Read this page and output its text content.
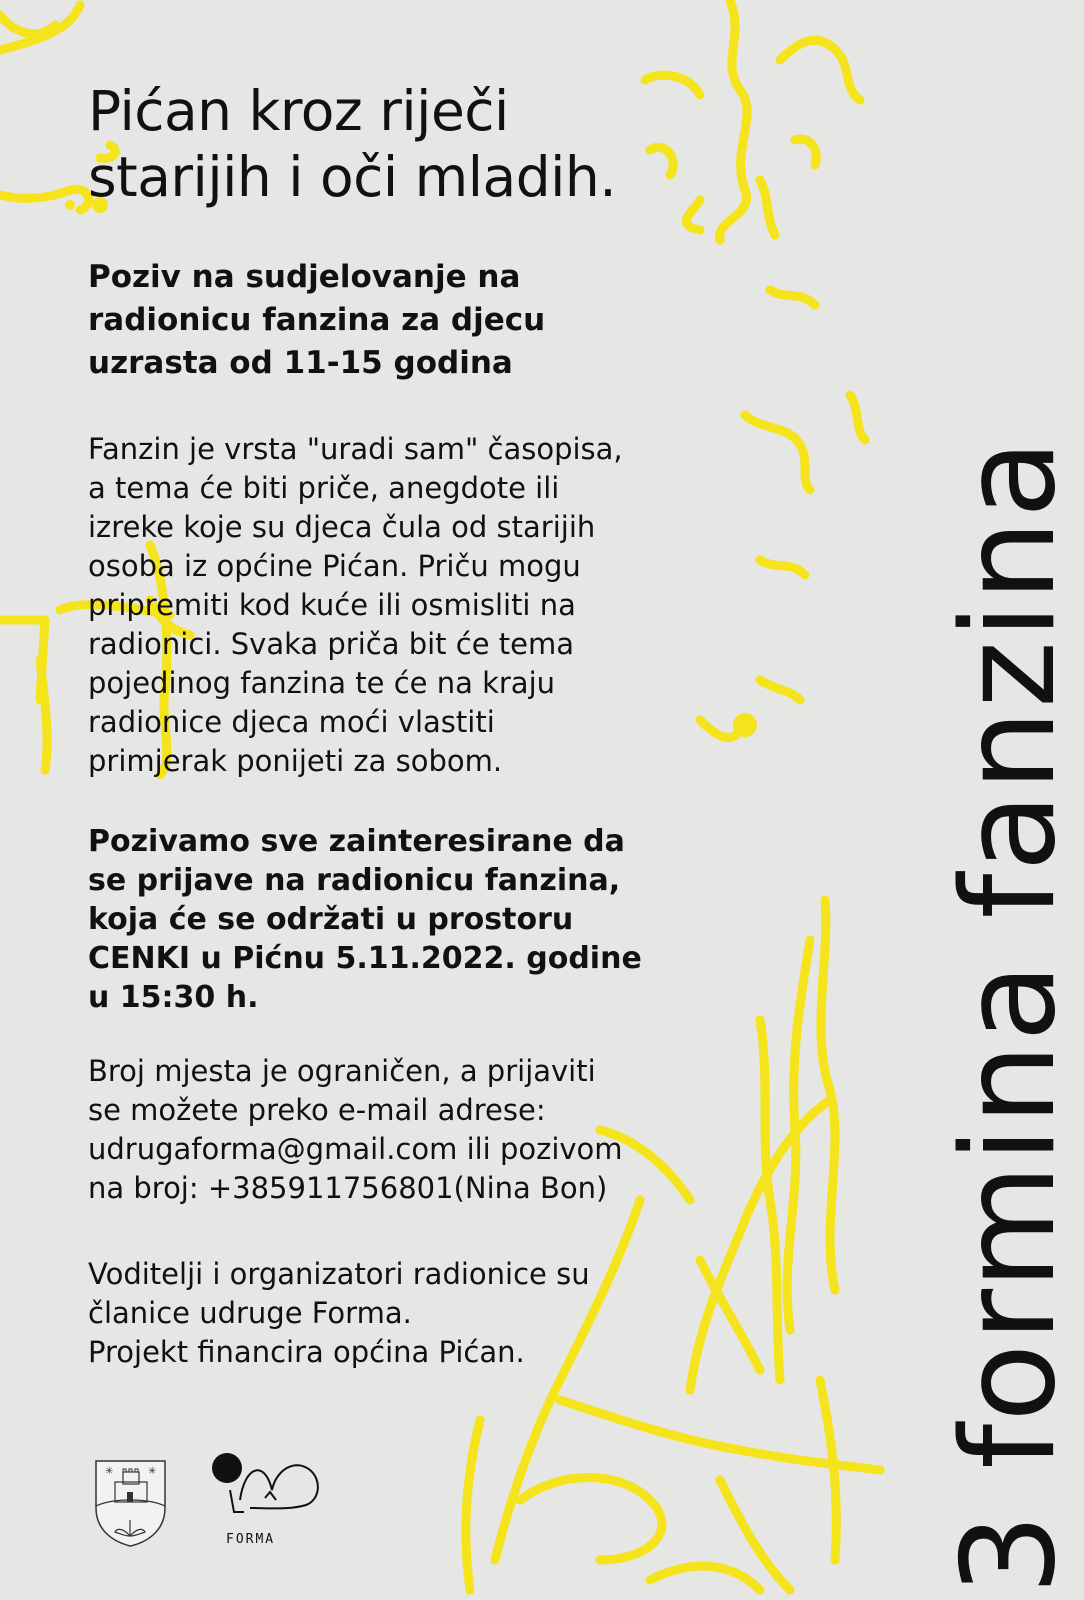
Pićan kroz riječi
starijih i oči mladih.

Poziv na sudjelovanje na
radionicu fanzina za djecu
uzrasta od 11-15 godina

Fanzin je vrsta "uradi sam" časopisa,
a tema će biti priče, anegdote ili
izreke koje su djeca čula od starijih
osoba iz općine Pićan. Priču mogu
pripremiti kod kuće ili osmisliti na
radionici. Svaka priča bit će tema
pojedinog fanzina te će na kraju
radionice djeca moći vlastiti
primjerak ponijeti za sobom.

Pozivamo sve zainteresirane da
se prijave na radionicu fanzina,
koja će se održati u prostoru
CENKI u Pićnu 5.11.2022. godine
u 15:30 h.

Broj mjesta je ograničen, a prijaviti
se možete preko e-mail adrese:
udrugaforma@gmail.com ili pozivom
na broj: +385911756801(Nina Bon)

Voditelji i organizatori radionice su
članice udruge Forma.
Projekt financira općina Pićan.	3 formina fanzina
✳	✳
FORMA
